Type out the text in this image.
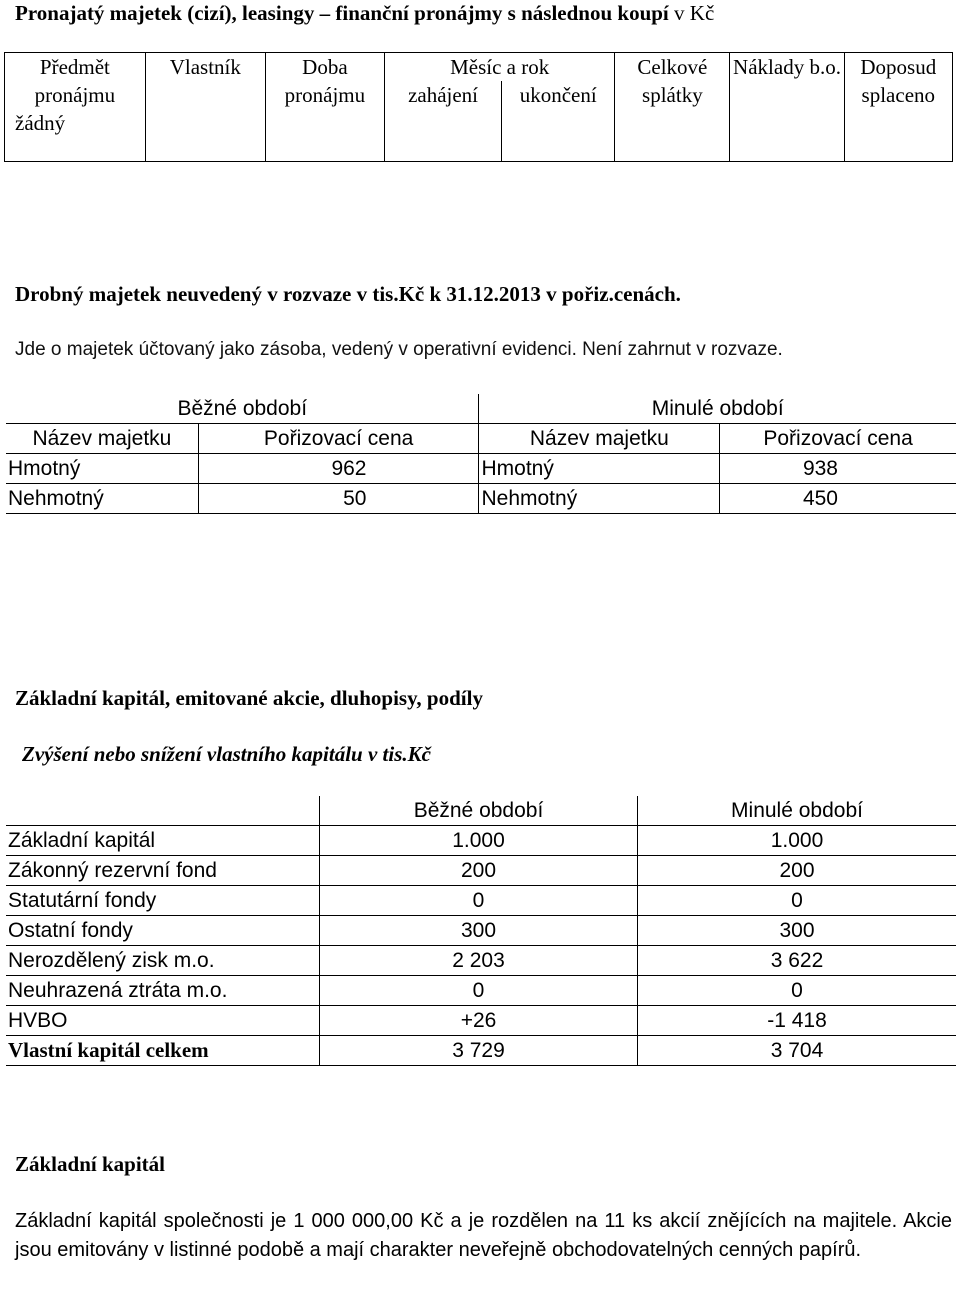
Pronajatý majetek (cizí), leasingy – finanční pronájmy s následnou koupí v Kč
Předmět pronájmu	Vlastník	Doba pronájmu	Měsíc a rok		Celkové splátky	Náklady b.o.	Doposud splaceno
			zahájení	ukončení			
žádný							
Drobný majetek neuvedený v rozvaze v tis.Kč k 31.12.2013 v pořiz.cenách.
Jde o majetek účtovaný jako zásoba, vedený v operativní evidenci. Není zahrnut v rozvaze.
Běžné období		Minulé období	
Název majetku	Pořizovací cena	Název majetku	Pořizovací cena
Hmotný	962	Hmotný	938
Nehmotný	50	Nehmotný	450
Základní kapitál, emitované akcie, dluhopisy, podíly
Zvýšení nebo snížení vlastního kapitálu v tis.Kč
	Běžné období	Minulé období
Základní kapitál	1.000	1.000
Zákonný rezervní fond	200	200
Statutární fondy	0	0
Ostatní fondy	300	300
Nerozdělený zisk m.o.	2 203	3 622
Neuhrazená ztráta m.o.	0	0
HVBO	+26	-1 418
Vlastní kapitál celkem	3 729	3 704
Základní kapitál
Základní kapitál společnosti je 1 000 000,00 Kč a je rozdělen na 11 ks akcií znějících na majitele. Akcie jsou emitovány v listinné podobě a mají charakter neveřejně obchodovatelných cenných papírů.
